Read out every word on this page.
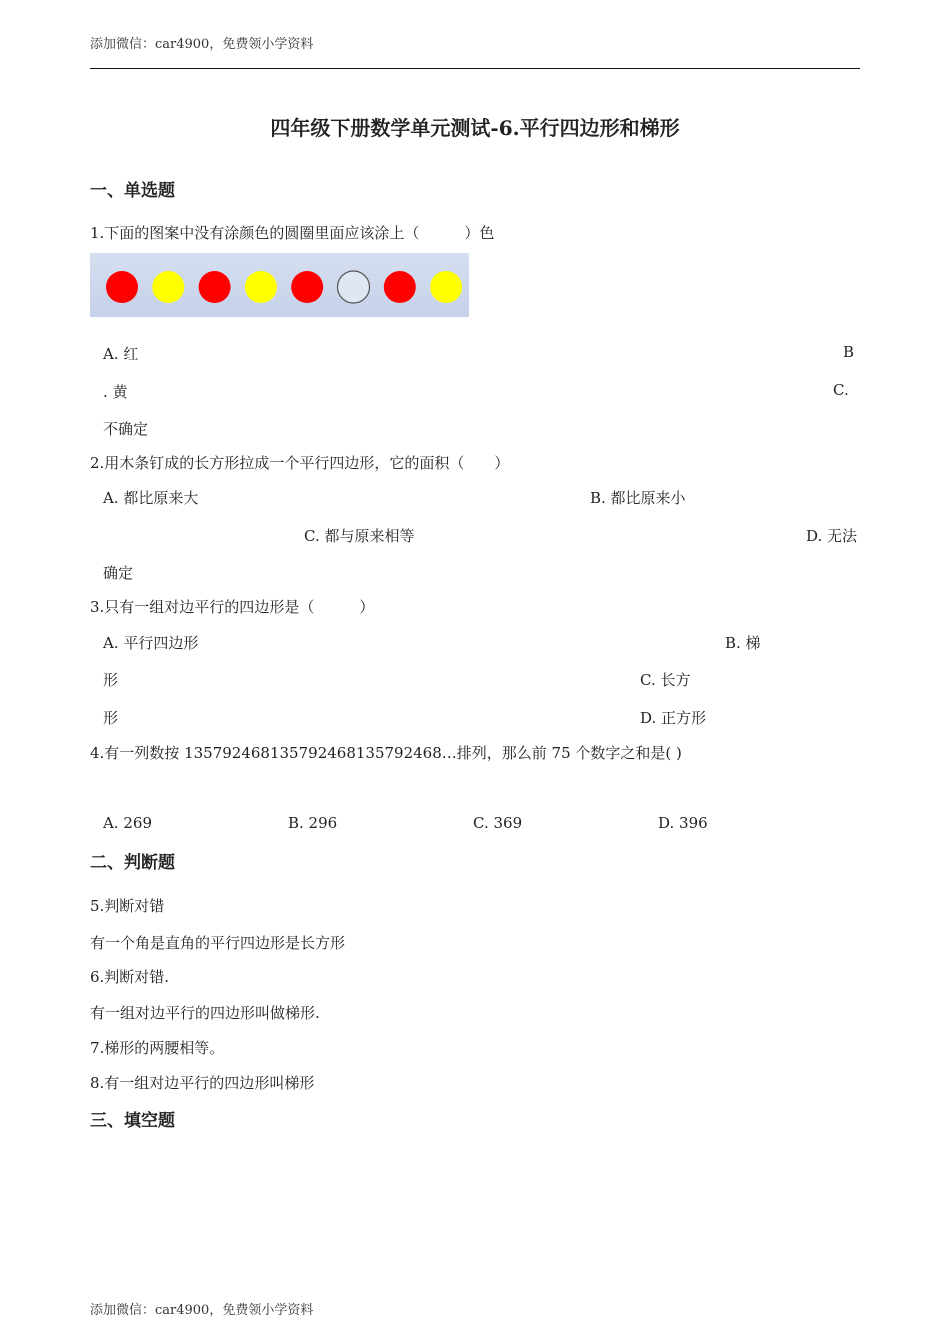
添加微信：car4900，免费领小学资料
四年级下册数学单元测试-6.平行四边形和梯形
一、单选题
1.下面的图案中没有涂颜色的圆圈里面应该涂上（　　　）色
A. 红	B
. 黄	C.
不确定
2.用木条钉成的长方形拉成一个平行四边形，它的面积（　　）
A. 都比原来大	B. 都比原来小
C. 都与原来相等	D. 无法
确定
3.只有一组对边平行的四边形是（　　　）
A. 平行四边形	B. 梯
形	C. 长方
形	D. 正方形
4.有一列数按 135792468135792468135792468…排列，那么前 75 个数字之和是( )
A. 269	B. 296	C. 369	D. 396
二、判断题
5.判断对错
有一个角是直角的平行四边形是长方形
6.判断对错.
有一组对边平行的四边形叫做梯形.
7.梯形的两腰相等。
8.有一组对边平行的四边形叫梯形
三、填空题
添加微信：car4900，免费领小学资料
